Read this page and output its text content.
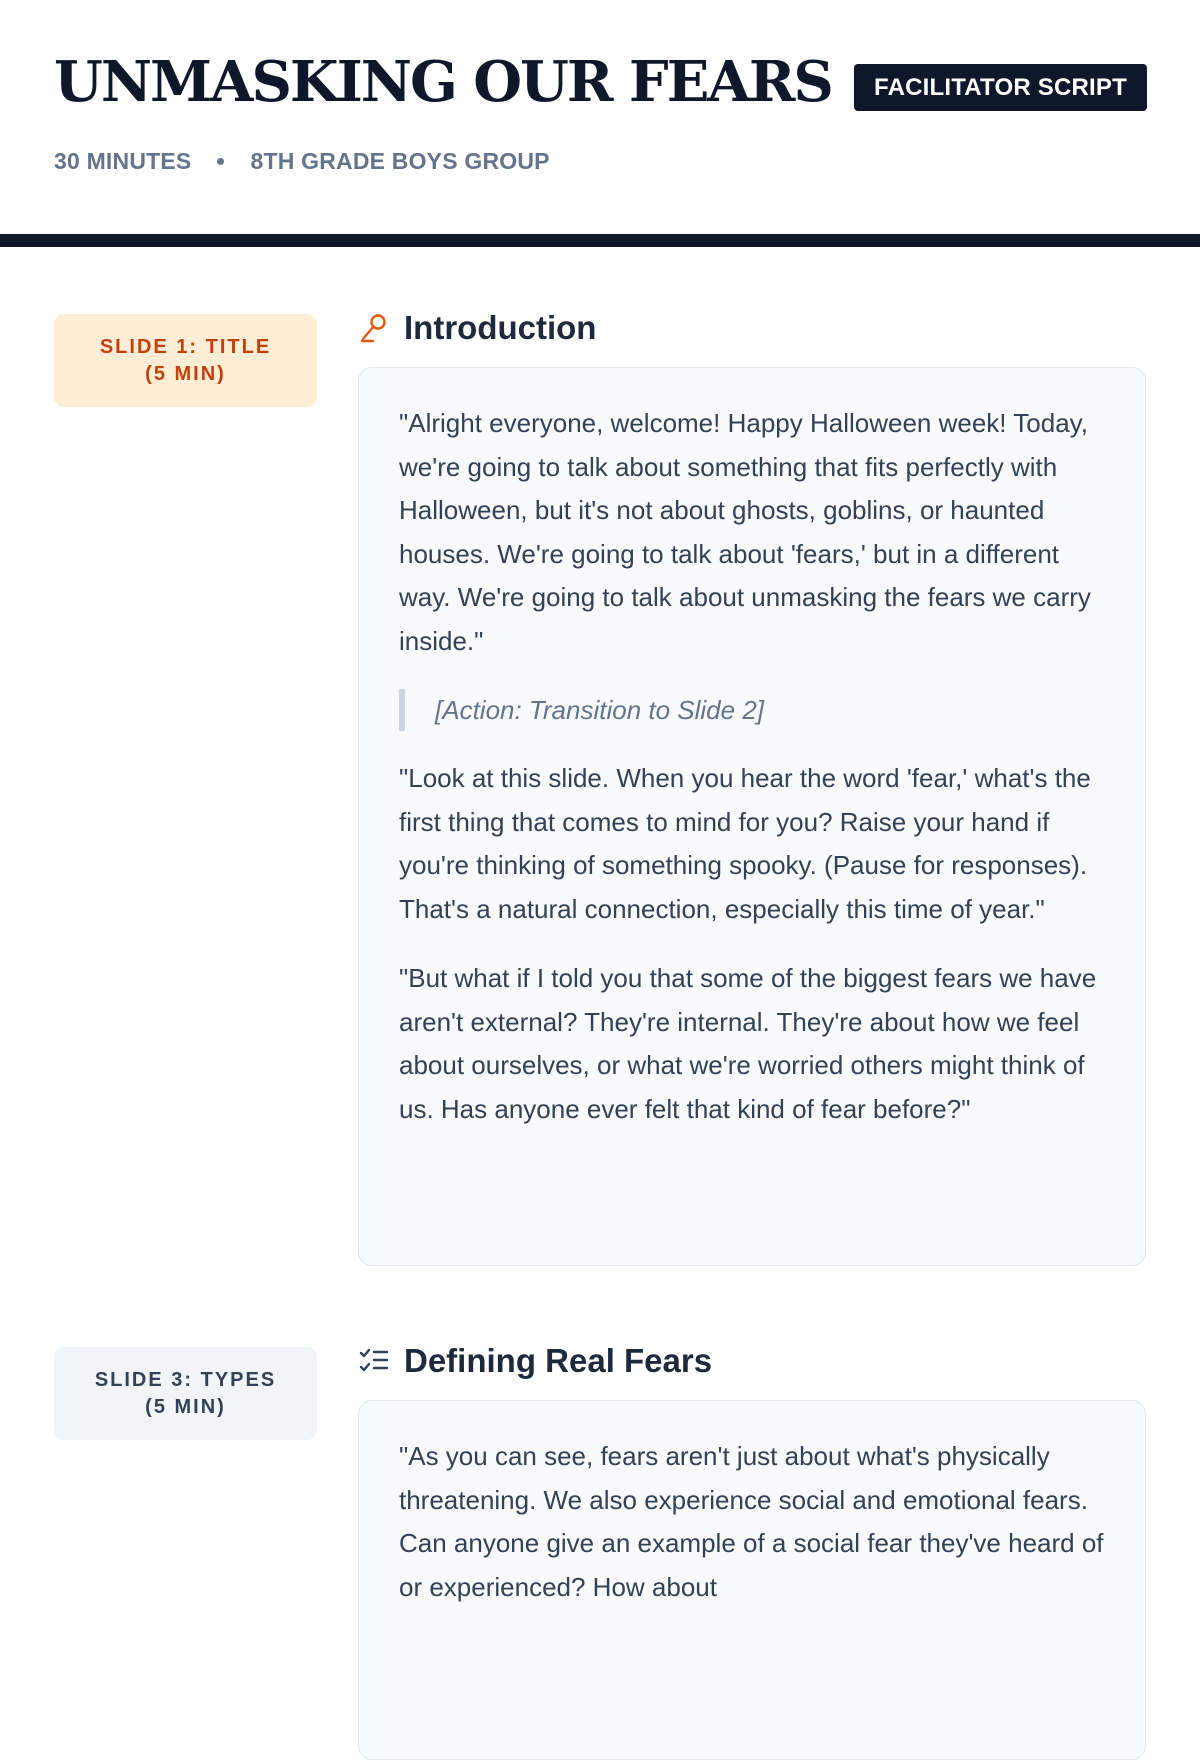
UNMASKING OUR FEARS	FACILITATOR SCRIPT
30 MINUTES	8TH GRADE BOYS GROUP
SLIDE 1: TITLE
(5 MIN)
Introduction

"Alright everyone, welcome! Happy Halloween week! Today, we're going to talk about something that fits perfectly with Halloween, but it's not about ghosts, goblins, or haunted houses. We're going to talk about 'fears,' but in a different way. We're going to talk about unmasking the fears we carry inside."

[Action: Transition to Slide 2]

"Look at this slide. When you hear the word 'fear,' what's the first thing that comes to mind for you? Raise your hand if you're thinking of something spooky. (Pause for responses). That's a natural connection, especially this time of year."

"But what if I told you that some of the biggest fears we have aren't external? They're internal. They're about how we feel about ourselves, or what we're worried others might think of us. Has anyone ever felt that kind of fear before?"

SLIDE 3: TYPES
(5 MIN)
Defining Real Fears

"As you can see, fears aren't just about what's physically threatening. We also experience social and emotional fears. Can anyone give an example of a social fear they've heard of or experienced? How about
